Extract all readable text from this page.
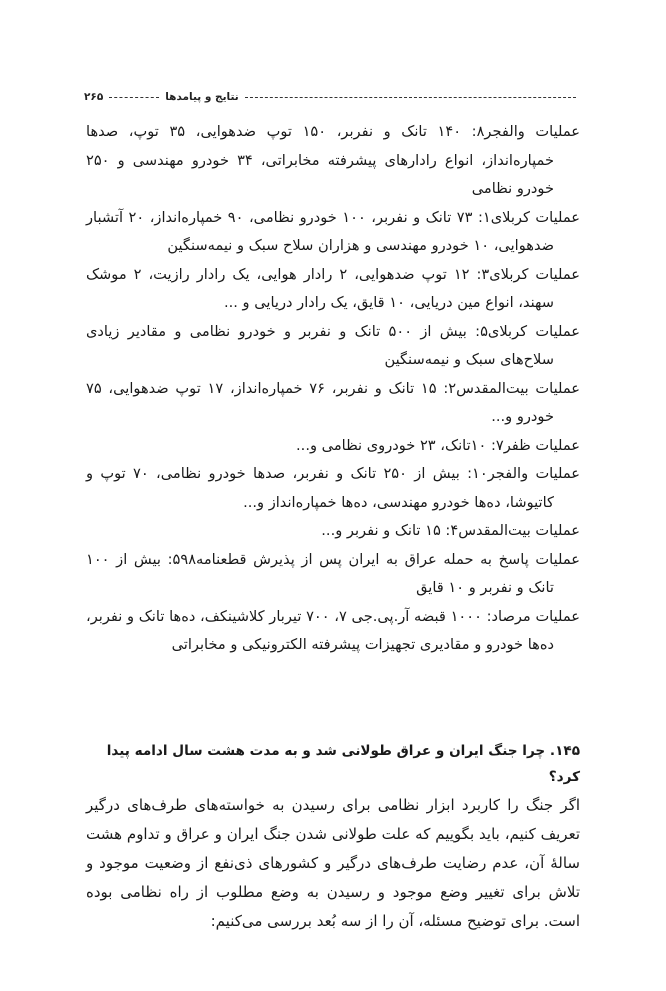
نتایج و پیامدها
۲۶۵
عملیات والفجر۸: ۱۴۰ تانک و نفربر، ۱۵۰ توپ ضدهوایی، ۳۵ توپ، صدها خمپاره‌انداز، انواع رادارهای پیشرفته مخابراتی، ۳۴ خودرو مهندسی و ۲۵۰ خودرو نظامی
عملیات کربلای۱: ۷۳ تانک و نفربر، ۱۰۰ خودرو نظامی، ۹۰ خمپاره‌انداز، ۲۰ آتشبار ضدهوایی، ۱۰ خودرو مهندسی و هزاران سلاح سبک و نیمه‌سنگین
عملیات کربلای۳: ۱۲ توپ ضدهوایی، ۲ رادار هوایی، یک رادار رازیت، ۲ موشک سهند، انواع مین دریایی، ۱۰ قایق، یک رادار دریایی و ...
عملیات کربلای۵: بیش از ۵۰۰ تانک و نفربر و خودرو نظامی و مقادیر زیادی سلاح‌های سبک و نیمه‌سنگین
عملیات بیت‌المقدس۲: ۱۵ تانک و نفربر، ۷۶ خمپاره‌انداز، ۱۷ توپ ضدهوایی، ۷۵ خودرو و...
عملیات ظفر۷: ۱۰تانک، ۲۳ خودروی نظامی و...
عملیات والفجر۱۰: بیش از ۲۵۰ تانک و نفربر، صدها خودرو نظامی، ۷۰ توپ و کاتیوشا، ده‌ها خودرو مهندسی، ده‌ها خمپاره‌انداز و...
عملیات بیت‌المقدس۴: ۱۵ تانک و نفربر و...
عملیات پاسخ به حمله عراق به ایران پس از پذیرش قطعنامه۵۹۸: بیش از ۱۰۰ تانک و نفربر و ۱۰ قایق
عملیات مرصاد: ۱۰۰۰ قبضه آر.پی.جی ۷، ۷۰۰ تیربار کلاشینکف، ده‌ها تانک و نفربر، ده‌ها خودرو و مقادیری تجهیزات پیشرفته الکترونیکی و مخابراتی
۱۴۵. چرا جنگ ایران و عراق طولانی شد و به مدت هشت سال ادامه پیدا کرد؟
اگر جنگ را کاربرد ابزار نظامی برای رسیدن به خواسته‌های طرف‌های درگیر تعریف کنیم، باید بگوییم که علت طولانی شدن جنگ ایران و عراق و تداوم هشت سالهٔ آن، عدم رضایت طرف‌های درگیر و کشورهای ذی‌نفع از وضعیت موجود و تلاش برای تغییر وضع موجود و رسیدن به وضع مطلوب از راه نظامی بوده است. برای توضیح مسئله، آن را از سه بُعد بررسی می‌کنیم:
